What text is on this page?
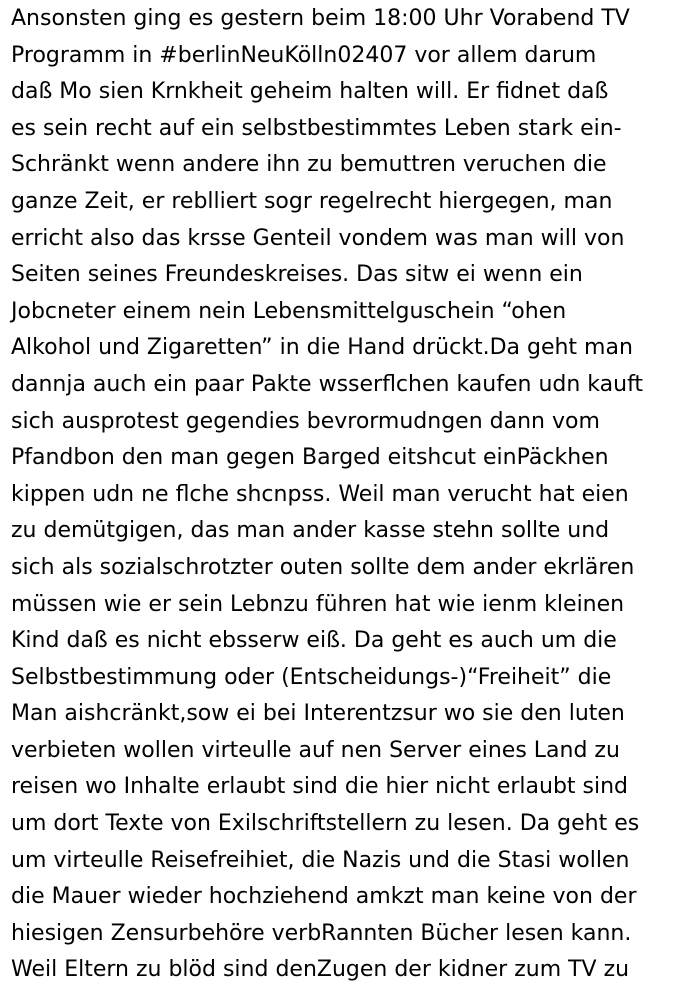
Ansonsten ging es gestern beim 18:00 Uhr Vorabend TV
Programm in #berlinNeuKölln02407 vor allem darum
daß Mo sien Krnkheit geheim halten will. Er fidnet daß
es sein recht auf ein selbstbestimmtes Leben stark ein-
Schränkt wenn andere ihn zu bemuttren veruchen die
ganze Zeit, er reblliert sogr regelrecht hiergegen, man
erricht also das krsse Genteil vondem was man will von
Seiten seines Freundeskreises. Das sitw ei wenn ein
Jobcneter einem nein Lebensmittelguschein “ohen
Alkohol und Zigaretten” in die Hand drückt.Da geht man
dannja auch ein paar Pakte wsserflchen kaufen udn kauft
sich ausprotest gegendies bevrormudngen dann vom
Pfandbon den man gegen Barged eitshcut einPäckhen
kippen udn ne flche shcnpss. Weil man verucht hat eien
zu demütgigen, das man ander kasse stehn sollte und
sich als sozialschrotzter outen sollte dem ander ekrlären
müssen wie er sein Lebnzu führen hat wie ienm kleinen
Kind daß es nicht ebsserw eiß. Da geht es auch um die
Selbstbestimmung oder (Entscheidungs-)“Freiheit” die
Man aishcränkt,sow ei bei Interentzsur wo sie den luten
verbieten wollen virteulle auf nen Server eines Land zu
reisen wo Inhalte erlaubt sind die hier nicht erlaubt sind
um dort Texte von Exilschriftstellern zu lesen. Da geht es
um virteulle Reisefreihiet, die Nazis und die Stasi wollen
die Mauer wieder hochziehend amkzt man keine von der
hiesigen Zensurbehöre verbRannten Bücher lesen kann.
Weil Eltern zu blöd sind denZugen der kidner zum TV zu
